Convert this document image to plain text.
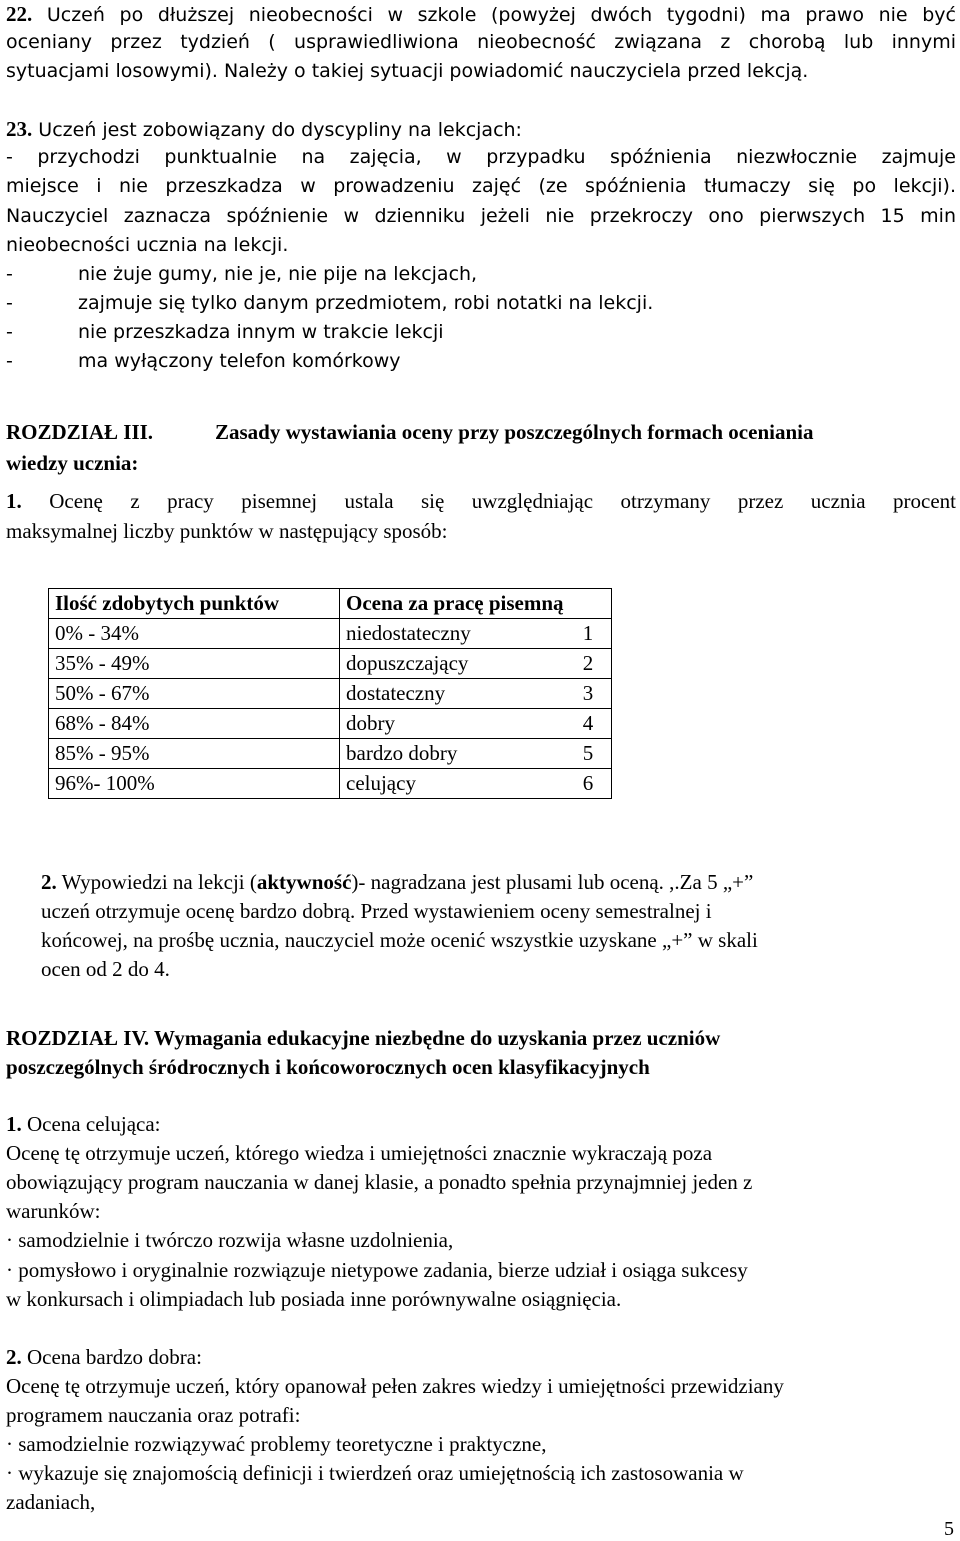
22. Uczeń po dłuższej nieobecności w szkole (powyżej dwóch tygodni) ma prawo nie być
oceniany przez tydzień ( usprawiedliwiona nieobecność związana z chorobą lub innymi
sytuacjami losowymi). Należy o takiej sytuacji powiadomić nauczyciela przed lekcją.
23. Uczeń jest zobowiązany do dyscypliny na lekcjach:
- przychodzi punktualnie na zajęcia, w przypadku spóźnienia niezwłocznie zajmuje
miejsce i nie przeszkadza w prowadzeniu zajęć (ze spóźnienia tłumaczy się po lekcji).
Nauczyciel zaznacza spóźnienie w dzienniku jeżeli nie przekroczy ono pierwszych 15 min
nieobecności ucznia na lekcji.
-	nie żuje gumy, nie je, nie pije na lekcjach,
-	zajmuje się tylko danym przedmiotem, robi notatki na lekcji.
-	nie przeszkadza innym w trakcie lekcji
-	ma wyłączony telefon komórkowy
ROZDZIAŁ III.	Zasady wystawiania oceny przy poszczególnych formach oceniania
wiedzy ucznia:
1. Ocenę z pracy pisemnej ustala się uwzględniając otrzymany przez ucznia procent
maksymalnej liczby punktów w następujący sposób:
Ilość zdobytych punktów	Ocena za pracę pisemną	
0% - 34%	niedostateczny	1
35% - 49%	dopuszczający	2
50% - 67%	dostateczny	3
68% - 84%	dobry	4
85% - 95%	bardzo dobry	5
96%- 100%	celujący	6
2. Wypowiedzi na lekcji (aktywność)- nagradzana jest plusami lub oceną. ,.Za 5 „+”
uczeń otrzymuje ocenę bardzo dobrą. Przed wystawieniem oceny semestralnej i
końcowej, na prośbę ucznia, nauczyciel może ocenić wszystkie uzyskane „+” w skali
ocen od 2 do 4.
ROZDZIAŁ IV. Wymagania edukacyjne niezbędne do uzyskania przez uczniów
poszczególnych śródrocznych i końcoworocznych ocen klasyfikacyjnych
1. Ocena celująca:
Ocenę tę otrzymuje uczeń, którego wiedza i umiejętności znacznie wykraczają poza
obowiązujący program nauczania w danej klasie, a ponadto spełnia przynajmniej jeden z
warunków:
· samodzielnie i twórczo rozwija własne uzdolnienia,
· pomysłowo i oryginalnie rozwiązuje nietypowe zadania, bierze udział i osiąga sukcesy
w konkursach i olimpiadach lub posiada inne porównywalne osiągnięcia.
2. Ocena bardzo dobra:
Ocenę tę otrzymuje uczeń, który opanował pełen zakres wiedzy i umiejętności przewidziany
programem nauczania oraz potrafi:
· samodzielnie rozwiązywać problemy teoretyczne i praktyczne,
· wykazuje się znajomością definicji i twierdzeń oraz umiejętnością ich zastosowania w
zadaniach,
5
